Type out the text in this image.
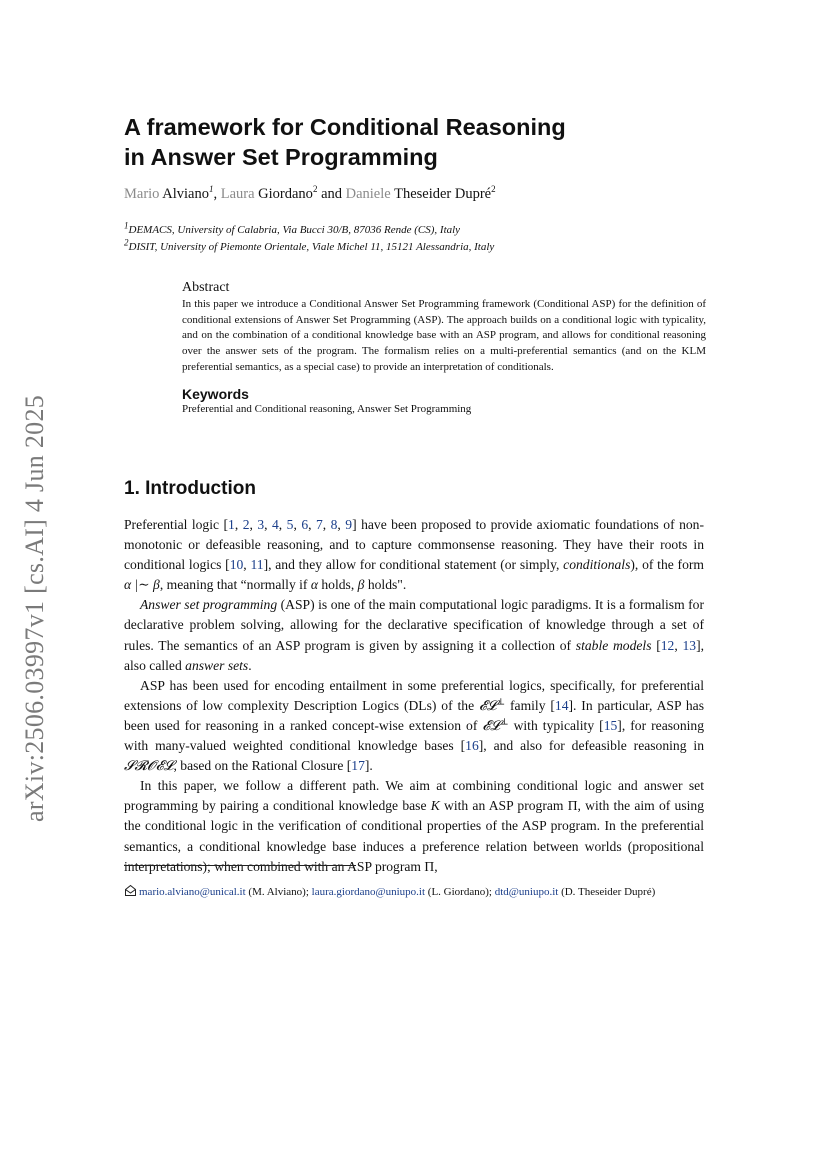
arXiv:2506.03997v1 [cs.AI] 4 Jun 2025
A framework for Conditional Reasoning
in Answer Set Programming
Mario Alviano$^1$, Laura Giordano$^2$ and Daniele Theseider Dupré$^2$
$^1$DEMACS, University of Calabria, Via Bucci 30/B, 87036 Rende (CS), Italy
$^2$DISIT, University of Piemonte Orientale, Viale Michel 11, 15121 Alessandria, Italy

Abstract

In this paper we introduce a Conditional Answer Set Programming framework (Conditional ASP) for the definition of conditional extensions of Answer Set Programming (ASP). The approach builds on a conditional logic with typicality, and on the combination of a conditional knowledge base with an ASP program, and allows for conditional reasoning over the answer sets of the program. The formalism relies on a multi-preferential semantics (and on the KLM preferential semantics, as a special case) to provide an interpretation of conditionals.

Keywords

Preferential and Conditional reasoning, Answer Set Programming

1. Introduction

Preferential logic [1, 2, 3, 4, 5, 6, 7, 8, 9] have been proposed to provide axiomatic foundations of non-monotonic or defeasible reasoning, and to capture commonsense reasoning. They have their roots in conditional logics [10, 11], and they allow for conditional statement (or simply, conditionals), of the form α |∼ β, meaning that “normally if α holds, β holds".

Answer set programming (ASP) is one of the main computational logic paradigms. It is a formalism for declarative problem solving, allowing for the declarative specification of knowledge through a set of rules. The semantics of an ASP program is given by assigning it a collection of stable models [12, 13], also called answer sets.

ASP has been used for encoding entailment in some preferential logics, specifically, for preferential extensions of low complexity Description Logics (DLs) of the 𝓔𝓛⊥ family [14]. In particular, ASP has been used for reasoning in a ranked concept-wise extension of 𝓔𝓛⊥ with typicality [15], for reasoning with many-valued weighted conditional knowledge bases [16], and also for defeasible reasoning in 𝓢𝓡𝓞𝓔𝓛, based on the Rational Closure [17].

In this paper, we follow a different path. We aim at combining conditional logic and answer set programming by pairing a conditional knowledge base K with an ASP program Π, with the aim of using the conditional logic in the verification of conditional properties of the ASP program. In the preferential semantics, a conditional knowledge base induces a preference relation between worlds (propositional interpretations); when combined with an ASP program Π,

mario.alviano@unical.it (M. Alviano); laura.giordano@uniupo.it (L. Giordano); dtd@uniupo.it (D. Theseider Dupré)
